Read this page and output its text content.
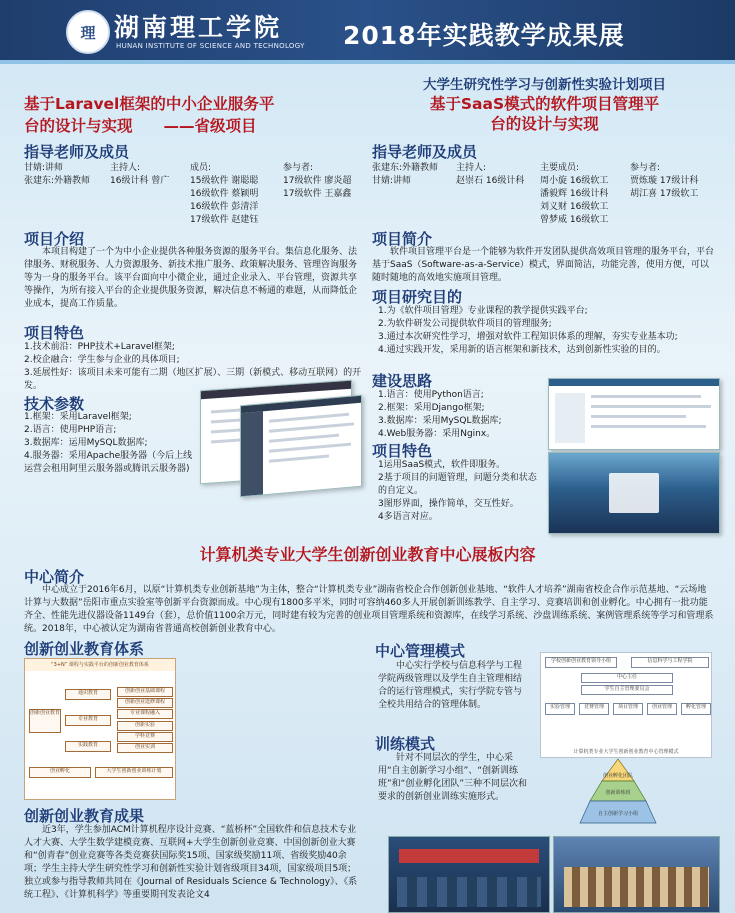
理 湖南理工学院
HUNAN INSTITUTE OF SCIENCE AND TECHNOLOGY 2018年实践教学成果展
基于Laravel框架的中小企业服务平
台的设计与实现　　——省级项目
指导老师及成员
甘婧:讲师
张建东:外籍教师
主持人:
16级计科 曾广
成员:
15级软件 谢聪聪
16级软件 蔡颖明
16级软件 彭清洋
17级软件 赵建钰
参与者:
17级软件 廖炎超
17级软件 王嘉鑫
项目介绍
　　本项目构建了一个为中小企业提供各种服务资源的服务平台。集信息化服务、法律服务、财税服务、人力资源服务、新技术推广服务、政策解决服务、管理咨询服务等为一身的服务平台。该平台面向中小微企业，通过企业录入、平台管理，资源共享等操作，为所有接入平台的企业提供服务资源，解决信息不畅通的难题，从而降低企业成本，提高工作质量。
项目特色
1.技术前沿：PHP技术+Laravel框架;
2.校企融合：学生参与企业的具体项目;
3.延展性好：该项目未来可能有二期（地区扩展）、三期（新模式、移动互联网）的开发。
技术参数
1.框架：采用Laravel框架;
2.语言：使用PHP语言;
3.数据库：运用MySQL数据库;
4.服务器：采用Apache服务器（今后上线运营会租用阿里云服务器或腾讯云服务器)
大学生研究性学习与创新性实验计划项目
基于SaaS模式的软件项目管理平
台的设计与实现
指导老师及成员
张建东:外籍教师
甘婧:讲师
主持人:
赵崇石 16级计科
主要成员:
周小旋 16级软工
潘毅辉 16级计科
刘义财 16级软工
曾梦威 16级软工
参与者:
贾炼璇 17级计科
胡江喜 17级软工
项目简介
　　软件项目管理平台是一个能够为软件开发团队提供高效项目管理的服务平台，平台基于SaaS（Software-as-a-Service）模式，界面简洁，功能完善，使用方便，可以随时随地的高效地实施项目管理。
项目研究目的
1.为《软件项目管理》专业课程的教学提供实践平台;
2.为软件研发公司提供软件项目的管理服务;
3.通过本次研究性学习，增强对软件工程知识体系的理解，夯实专业基本功;
4.通过实践开发，采用新的语言框架和新技术，达到创新性实验的目的。
建设思路
1.语言：使用Python语言;
2.框架：采用Django框架;
3.数据库：采用MySQL数据库;
4.Web服务器：采用Nginx。
项目特色
1运用SaaS模式，软件即服务。
2基于项目的问题管理，问题分类和状态的自定义。
3图形界面，操作简单，交互性好。
4多语言对应。
计算机类专业大学生创新创业教育中心展板内容
中心简介
　　中心成立于2016年6月，以原“计算机类专业创新基地”为主体，整合“计算机类专业”湖南省校企合作创新创业基地、“软件人才培养”湖南省校企合作示范基地、“云场地计算与大数据”岳阳市重点实验室等创新平台资源而成。中心现有1800多平米，同时可容纳460多人开展创新训练教学、自主学习、竞赛培训和创业孵化。中心拥有一批功能齐全、性能先进仪器设备1149台（套），总价值1100余万元，同时建有较为完善的创业项目管理系统和资源库，在线学习系统、沙盘训练系统、案例管理系统等学习和管理系统。2018年，中心被认定为湖南省普通高校创新创业教育中心。
创新创业教育体系
“3+N” 课程与实践平台的创新创业教育体系
创新创业教育
通识教育
专业教育
实践教育
创新创业基础课程
创新创业选修课程
专业课程融入
创新实验
学科竞赛
创业实训
创业孵化	大学生创新创业训练计划
中心管理模式
　　中心实行学校与信息科学与工程学院两级管理以及学生自主管理相结合的运行管理模式，实行学院专管与全校共用结合的管理体制。
学校创新创业教育领导小组	信息科学与工程学院
中心主任
学生自主管理委员会
实验管理	竞赛管理	项目管理	创业管理	孵化管理
计算机类专业大学生创新创业教育中心管理模式
训练模式
　　针对不同层次的学生，中心采用“自主创新学习小组”、“创新训练班”和“创业孵化团队”三种不同层次和要求的创新创业训练实施形式。
创业孵化团队
创新训练班
自主创新学习小组
创新创业教育成果
　　近3年，学生参加ACM计算机程序设计竞赛、“蓝桥杯”全国软件和信息技术专业人才大赛、大学生数学建模竞赛、互联网+大学生创新创业竞赛、中国创新创业大赛和“创青春”创业竞赛等各类竞赛获国际奖15项、国家级奖励11项、省级奖励40余项；学生主持大学生研究性学习和创新性实验计划省级项目34项，国家级项目5项；独立或参与指导教师共同在《Journal of Residuals Science & Technology》、《系统工程》、《计算机科学》等重要期刊发表论文4
